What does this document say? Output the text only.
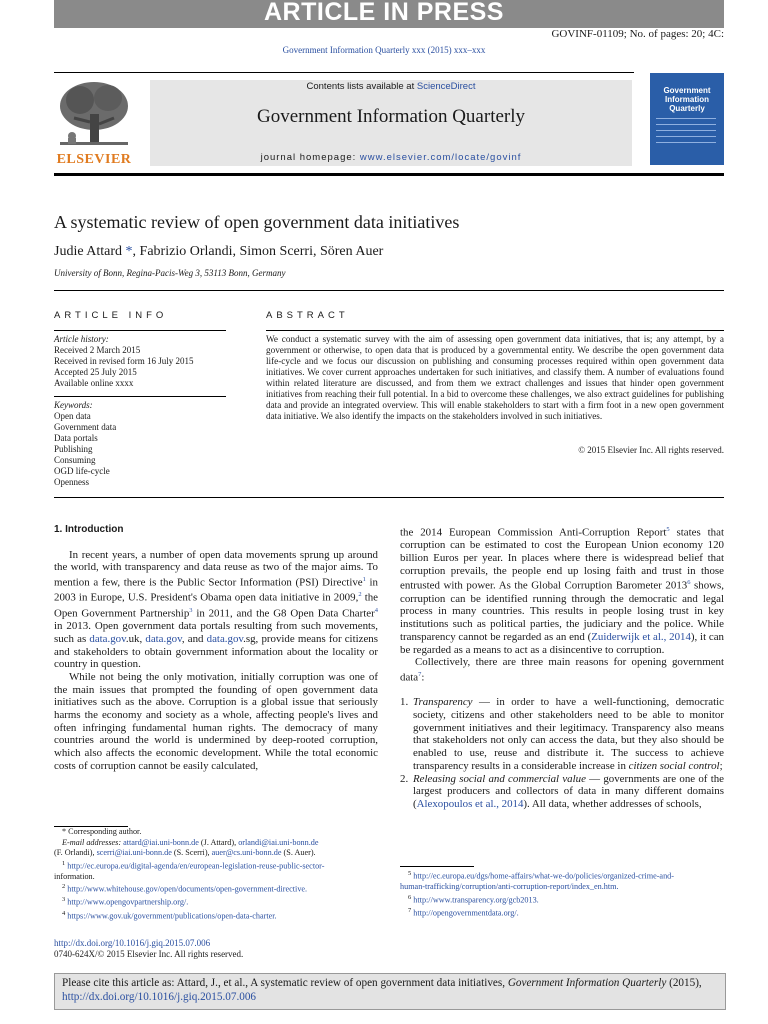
ARTICLE IN PRESS
GOVINF-01109; No. of pages: 20; 4C:
Government Information Quarterly xxx (2015) xxx–xxx
Contents lists available at ScienceDirect
Government Information Quarterly
journal homepage: www.elsevier.com/locate/govinf
ELSEVIER
Government Information Quarterly
A systematic review of open government data initiatives
Judie Attard *, Fabrizio Orlandi, Simon Scerri, Sören Auer
University of Bonn, Regina-Pacis-Weg 3, 53113 Bonn, Germany
ARTICLE INFO
Article history:
Received 2 March 2015
Received in revised form 16 July 2015
Accepted 25 July 2015
Available online xxxx
Keywords:
Open data
Government data
Data portals
Publishing
Consuming
OGD life-cycle
Openness
ABSTRACT
We conduct a systematic survey with the aim of assessing open government data initiatives, that is; any attempt, by a government or otherwise, to open data that is produced by a governmental entity. We describe the open government data life-cycle and we focus our discussion on publishing and consuming processes required within open government data initiatives. We cover current approaches undertaken for such initiatives, and classify them. A number of evaluations found within related literature are discussed, and from them we extract challenges and issues that hinder open government initiatives from reaching their full potential. In a bid to overcome these challenges, we also extract guidelines for publishing data and provide an integrated overview. This will enable stakeholders to start with a firm foot in a new open government data initiative. We also identify the impacts on the stakeholders involved in such initiatives.
© 2015 Elsevier Inc. All rights reserved.
1. Introduction

In recent years, a number of open data movements sprung up around the world, with transparency and data reuse as two of the major aims. To mention a few, there is the Public Sector Information (PSI) Directive$^1$ in 2003 in Europe, U.S. President's Obama open data initiative in 2009,$^2$ the Open Government Partnership$^3$ in 2011, and the G8 Open Data Charter$^4$ in 2013. Open government data portals resulting from such movements, such as data.gov.uk, data.gov, and data.gov.sg, provide means for citizens and stakeholders to obtain government information about the locality or country in question.

While not being the only motivation, initially corruption was one of the main issues that prompted the founding of open government data initiatives such as the above. Corruption is a global issue that seriously harms the economy and society as a whole, affecting people's lives and often infringing fundamental human rights. The democracy of many countries around the world is undermined by deep-rooted corruption, which also affects the economic development. While the total economic costs of corruption cannot be easily calculated,

the 2014 European Commission Anti-Corruption Report$^5$ states that corruption can be estimated to cost the European Union economy 120 billion Euros per year. In places where there is widespread belief that corruption prevails, the people end up losing faith and trust in those entrusted with power. As the Global Corruption Barometer 2013$^6$ shows, corruption can be identified running through the democratic and legal process in many countries. This results in people losing trust in key institutions such as political parties, the judiciary and the police. While transparency cannot be regarded as an end (Zuiderwijk et al., 2014), it can be regarded as a means to act as a disincentive to corruption.

Collectively, there are three main reasons for opening government data$^7$:

1. Transparency — in order to have a well-functioning, democratic society, citizens and other stakeholders need to be able to monitor government initiatives and their legitimacy. Transparency also means that stakeholders not only can access the data, but they also should be enabled to use, reuse and distribute it. The success to achieve transparency results in a considerable increase in citizen social control;
2. Releasing social and commercial value — governments are one of the largest producers and collectors of data in many different domains (Alexopoulos et al., 2014). All data, whether addresses of schools,
* Corresponding author.
E-mail addresses: attard@iai.uni-bonn.de (J. Attard), orlandi@iai.uni-bonn.de
(F. Orlandi), scerri@iai.uni-bonn.de (S. Scerri), auer@cs.uni-bonn.de (S. Auer).
$^1$ http://ec.europa.eu/digital-agenda/en/european-legislation-reuse-public-sector-
information.
$^2$ http://www.whitehouse.gov/open/documents/open-government-directive.
$^3$ http://www.opengovpartnership.org/.
$^4$ https://www.gov.uk/government/publications/open-data-charter.
$^5$ http://ec.europa.eu/dgs/home-affairs/what-we-do/policies/organized-crime-and-
human-trafficking/corruption/anti-corruption-report/index_en.htm.
$^6$ http://www.transparency.org/gcb2013.
$^7$ http://opengovernmentdata.org/.
http://dx.doi.org/10.1016/j.giq.2015.07.006
0740-624X/© 2015 Elsevier Inc. All rights reserved.
Please cite this article as: Attard, J., et al., A systematic review of open government data initiatives, Government Information Quarterly (2015),
http://dx.doi.org/10.1016/j.giq.2015.07.006
